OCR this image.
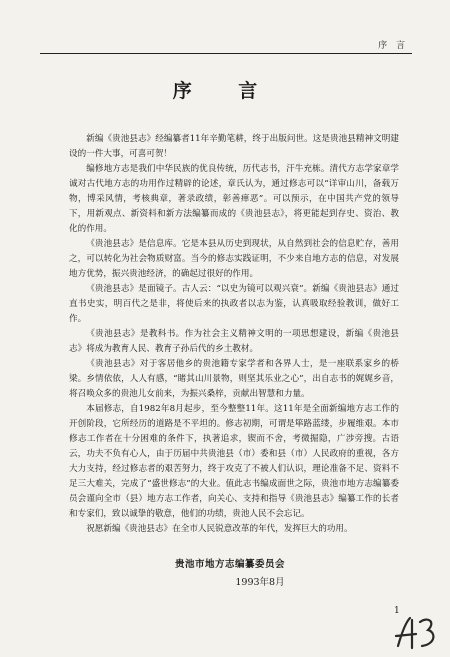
序 言
序 言

新编《贵池县志》经编纂者11年辛勤笔耕，终于出版问世。这是贵池县精神文明建设的一件大事，可喜可贺！

编修地方志是我们中华民族的优良传统，历代志书，汗牛充栋。清代方志学家章学诚对古代地方志的功用作过精辟的论述，章氏认为，通过修志可以“详审山川，备载万物，博采风情，考核典章，著录政绩，彰善瘅恶”。可以预示，在中国共产党的领导下，用新观点、新资料和新方法编纂而成的《贵池县志》，将更能起到存史、资治、教化的作用。

《贵池县志》是信息库。它是本县从历史到现状，从自然到社会的信息贮存，善用之，可以转化为社会物质财富。当今的修志实践证明，不少来自地方志的信息，对发展地方优势，振兴贵池经济，的确起过很好的作用。

《贵池县志》是面镜子。古人云：“以史为镜可以观兴衰”。新编《贵池县志》通过直书史实，明百代之是非，将使后来的执政者以志为鉴，认真吸取经验教训，做好工作。

《贵池县志》是教科书。作为社会主义精神文明的一项思想建设，新编《贵池县志》将成为教育人民、教育子孙后代的乡土教材。

《贵池县志》对于客居他乡的贵池籍专家学者和各界人士，是一座联系家乡的桥梁。乡情依依，人人有感，“睹其山川景物，则坚其乐业之心”，出自志书的娓娓乡音，将召唤众多的贵池儿女前来，为振兴桑梓，贡献出智慧和力量。

本届修志，自1982年8月起步，至今整整11年。这11年是全面新编地方志工作的开创阶段，它所经历的道路是不平坦的。修志初期，可谓是筚路蓝缕，步履维艰。本市修志工作者在十分困难的条件下，执著追求，锲而不舍，考微掘隐，广涉旁搜。古语云，功夫不负有心人，由于历届中共贵池县（市）委和县（市）人民政府的重视，各方大力支持，经过修志者的艰苦努力，终于攻克了不被人们认识，理论准备不足、资料不足三大难关，完成了“盛世修志”的大业。值此志书编成面世之际，贵池市地方志编纂委员会谨向全市（县）地方志工作者，向关心、支持和指导《贵池县志》编纂工作的长者和专家们，致以诚挚的敬意，他们的功绩，贵池人民不会忘记。

祝愿新编《贵池县志》在全市人民锐意改革的年代，发挥巨大的功用。

贵池市地方志编纂委员会
1993年8月
1
